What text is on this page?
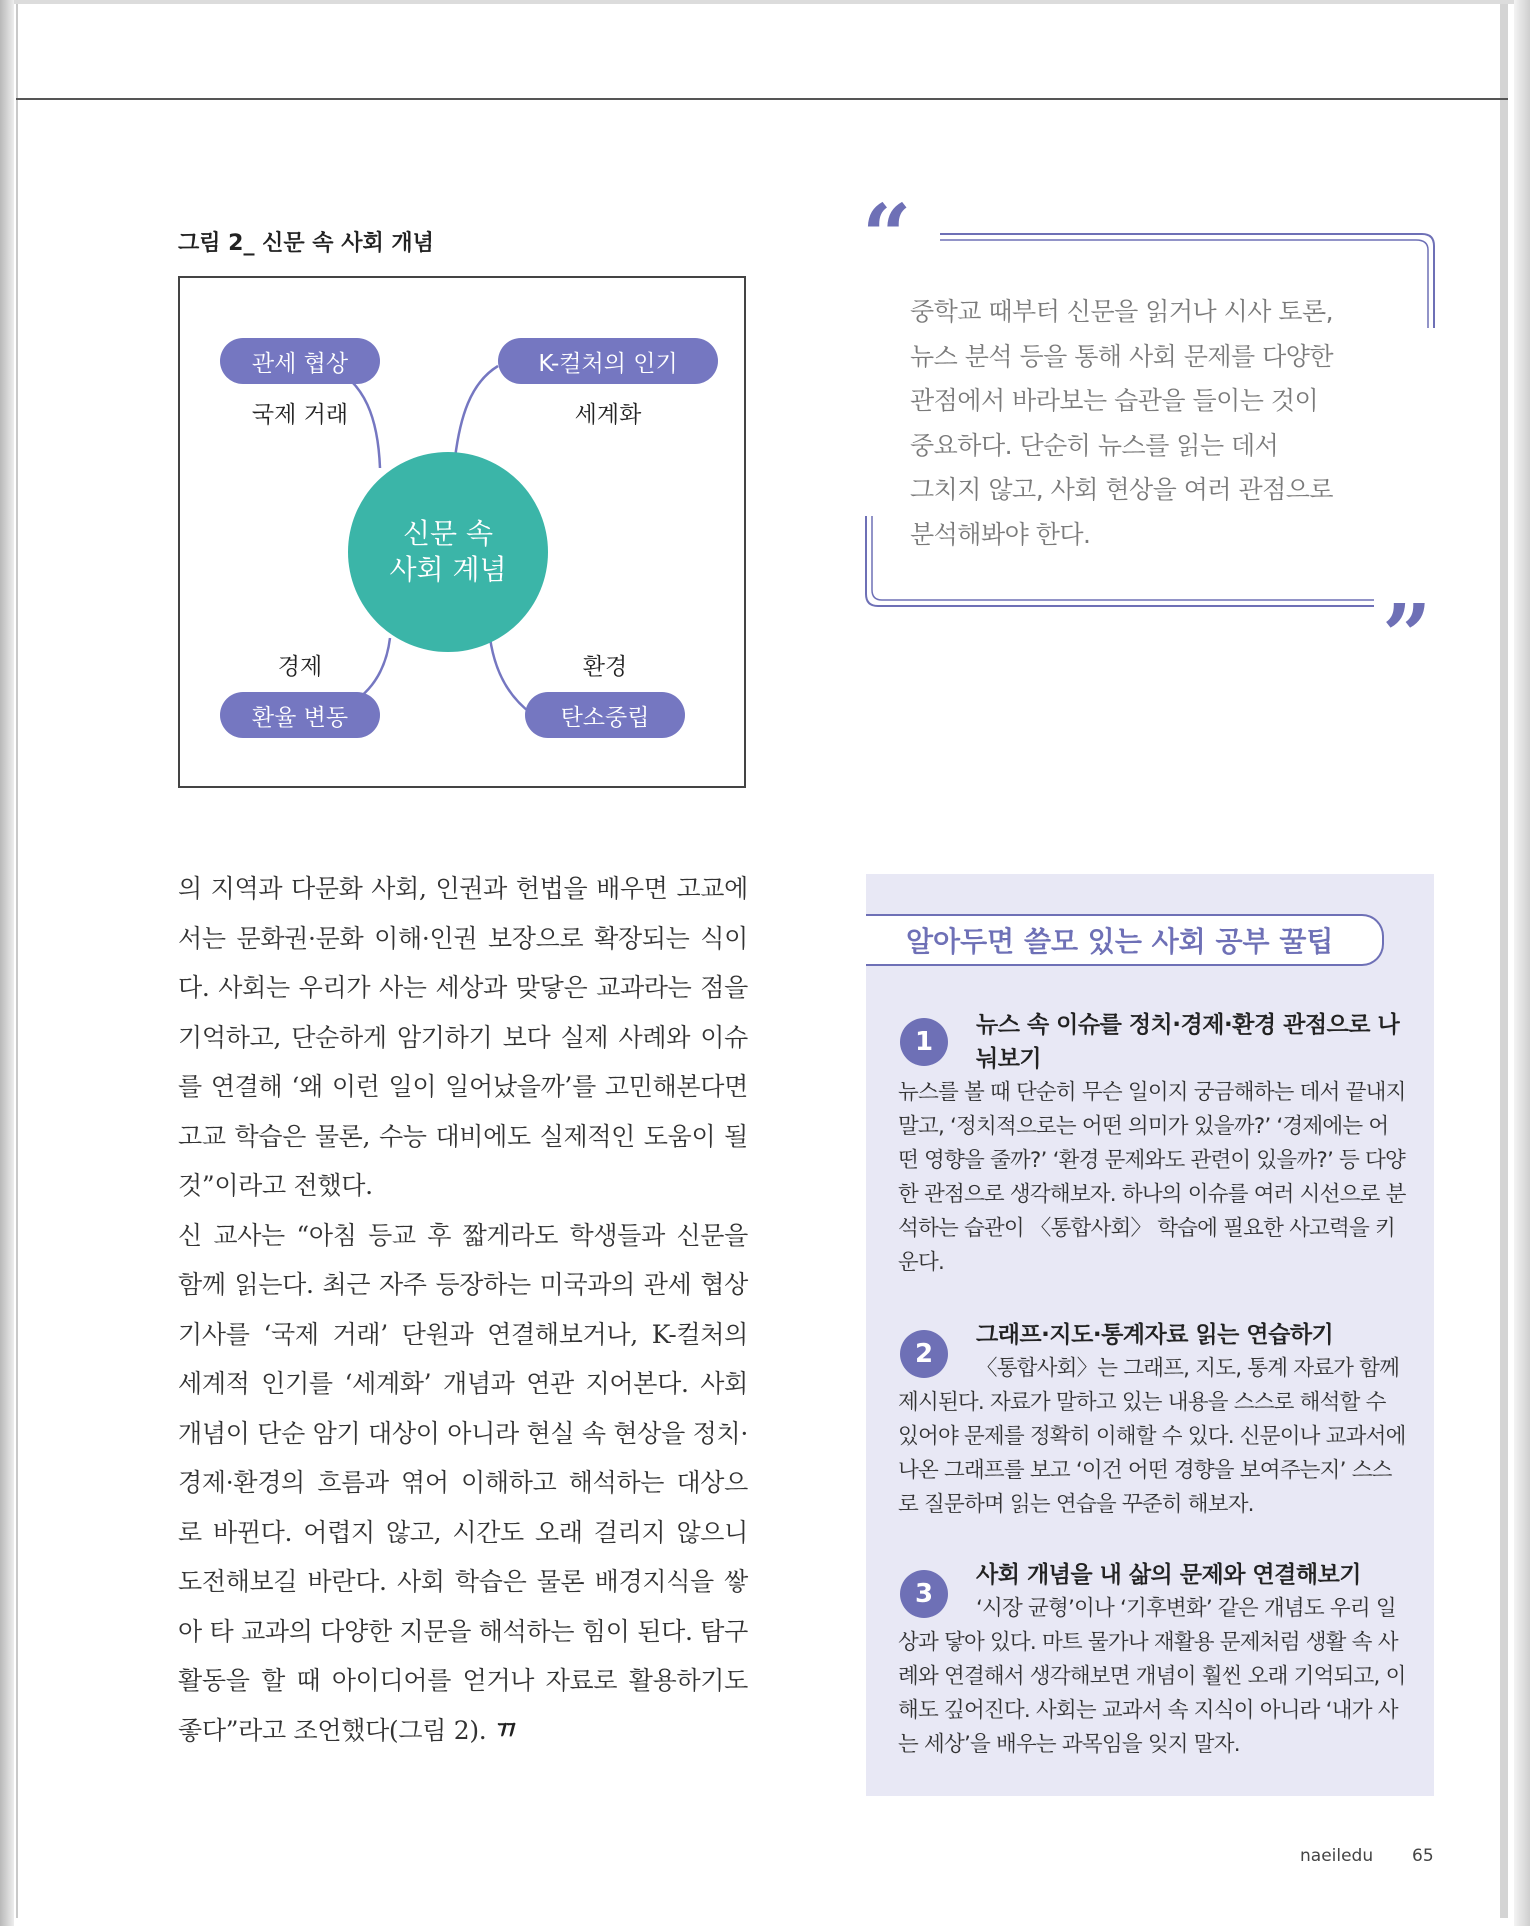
그림 2_ 신문 속 사회 개념
관세 협상
국제 거래
K-컬처의 인기
세계화
신문 속
사회 계념
경제
환율 변동
환경
탄소중립
“
”
중학교 때부터 신문을 읽거나 시사 토론,
뉴스 분석 등을 통해 사회 문제를 다양한
관점에서 바라보는 습관을 들이는 것이
중요하다. 단순히 뉴스를 읽는 데서
그치지 않고, 사회 현상을 여러 관점으로
분석해봐야 한다.

의 지역과 다문화 사회, 인권과 헌법을 배우면 고교에서는 문화권·문화 이해·인권 보장으로 확장되는 식이다. 사회는 우리가 사는 세상과 맞닿은 교과라는 점을 기억하고, 단순하게 암기하기 보다 실제 사례와 이슈를 연결해 ‘왜 이런 일이 일어났을까’를 고민해본다면 고교 학습은 물론, 수능 대비에도 실제적인 도움이 될 것”이라고 전했다.

신 교사는 “아침 등교 후 짧게라도 학생들과 신문을 함께 읽는다. 최근 자주 등장하는 미국과의 관세 협상 기사를 ‘국제 거래’ 단원과 연결해보거나, K-컬처의 세계적 인기를 ‘세계화’ 개념과 연관 지어본다. 사회 개념이 단순 암기 대상이 아니라 현실 속 현상을 정치·경제·환경의 흐름과 엮어 이해하고 해석하는 대상으로 바뀐다. 어렵지 않고, 시간도 오래 걸리지 않으니 도전해보길 바란다. 사회 학습은 물론 배경지식을 쌓아 타 교과의 다양한 지문을 해석하는 힘이 된다. 탐구 활동을 할 때 아이디어를 얻거나 자료로 활용하기도 좋다”라고 조언했다(그림 2). ㄲ

알아두면 쓸모 있는 사회 공부 꿀팁
1
뉴스 속 이슈를 정치·경제·환경 관점으로 나눠보기
뉴스를 볼 때 단순히 무슨 일이지 궁금해하는 데서 끝내지 말고, ‘정치적으로는 어떤 의미가 있을까?’ ‘경제에는 어떤 영향을 줄까?’ ‘환경 문제와도 관련이 있을까?’ 등 다양한 관점으로 생각해보자. 하나의 이슈를 여러 시선으로 분석하는 습관이 〈통합사회〉 학습에 필요한 사고력을 키운다.
2
그래프·지도·통계자료 읽는 연습하기
〈통합사회〉는 그래프, 지도, 통계 자료가 함께 제시된다. 자료가 말하고 있는 내용을 스스로 해석할 수 있어야 문제를 정확히 이해할 수 있다. 신문이나 교과서에 나온 그래프를 보고 ‘이건 어떤 경향을 보여주는지’ 스스로 질문하며 읽는 연습을 꾸준히 해보자.
3
사회 개념을 내 삶의 문제와 연결해보기
‘시장 균형’이나 ‘기후변화’ 같은 개념도 우리 일상과 닿아 있다. 마트 물가나 재활용 문제처럼 생활 속 사례와 연결해서 생각해보면 개념이 훨씬 오래 기억되고, 이해도 깊어진다. 사회는 교과서 속 지식이 아니라 ‘내가 사는 세상’을 배우는 과목임을 잊지 말자.
naeiledu 65
